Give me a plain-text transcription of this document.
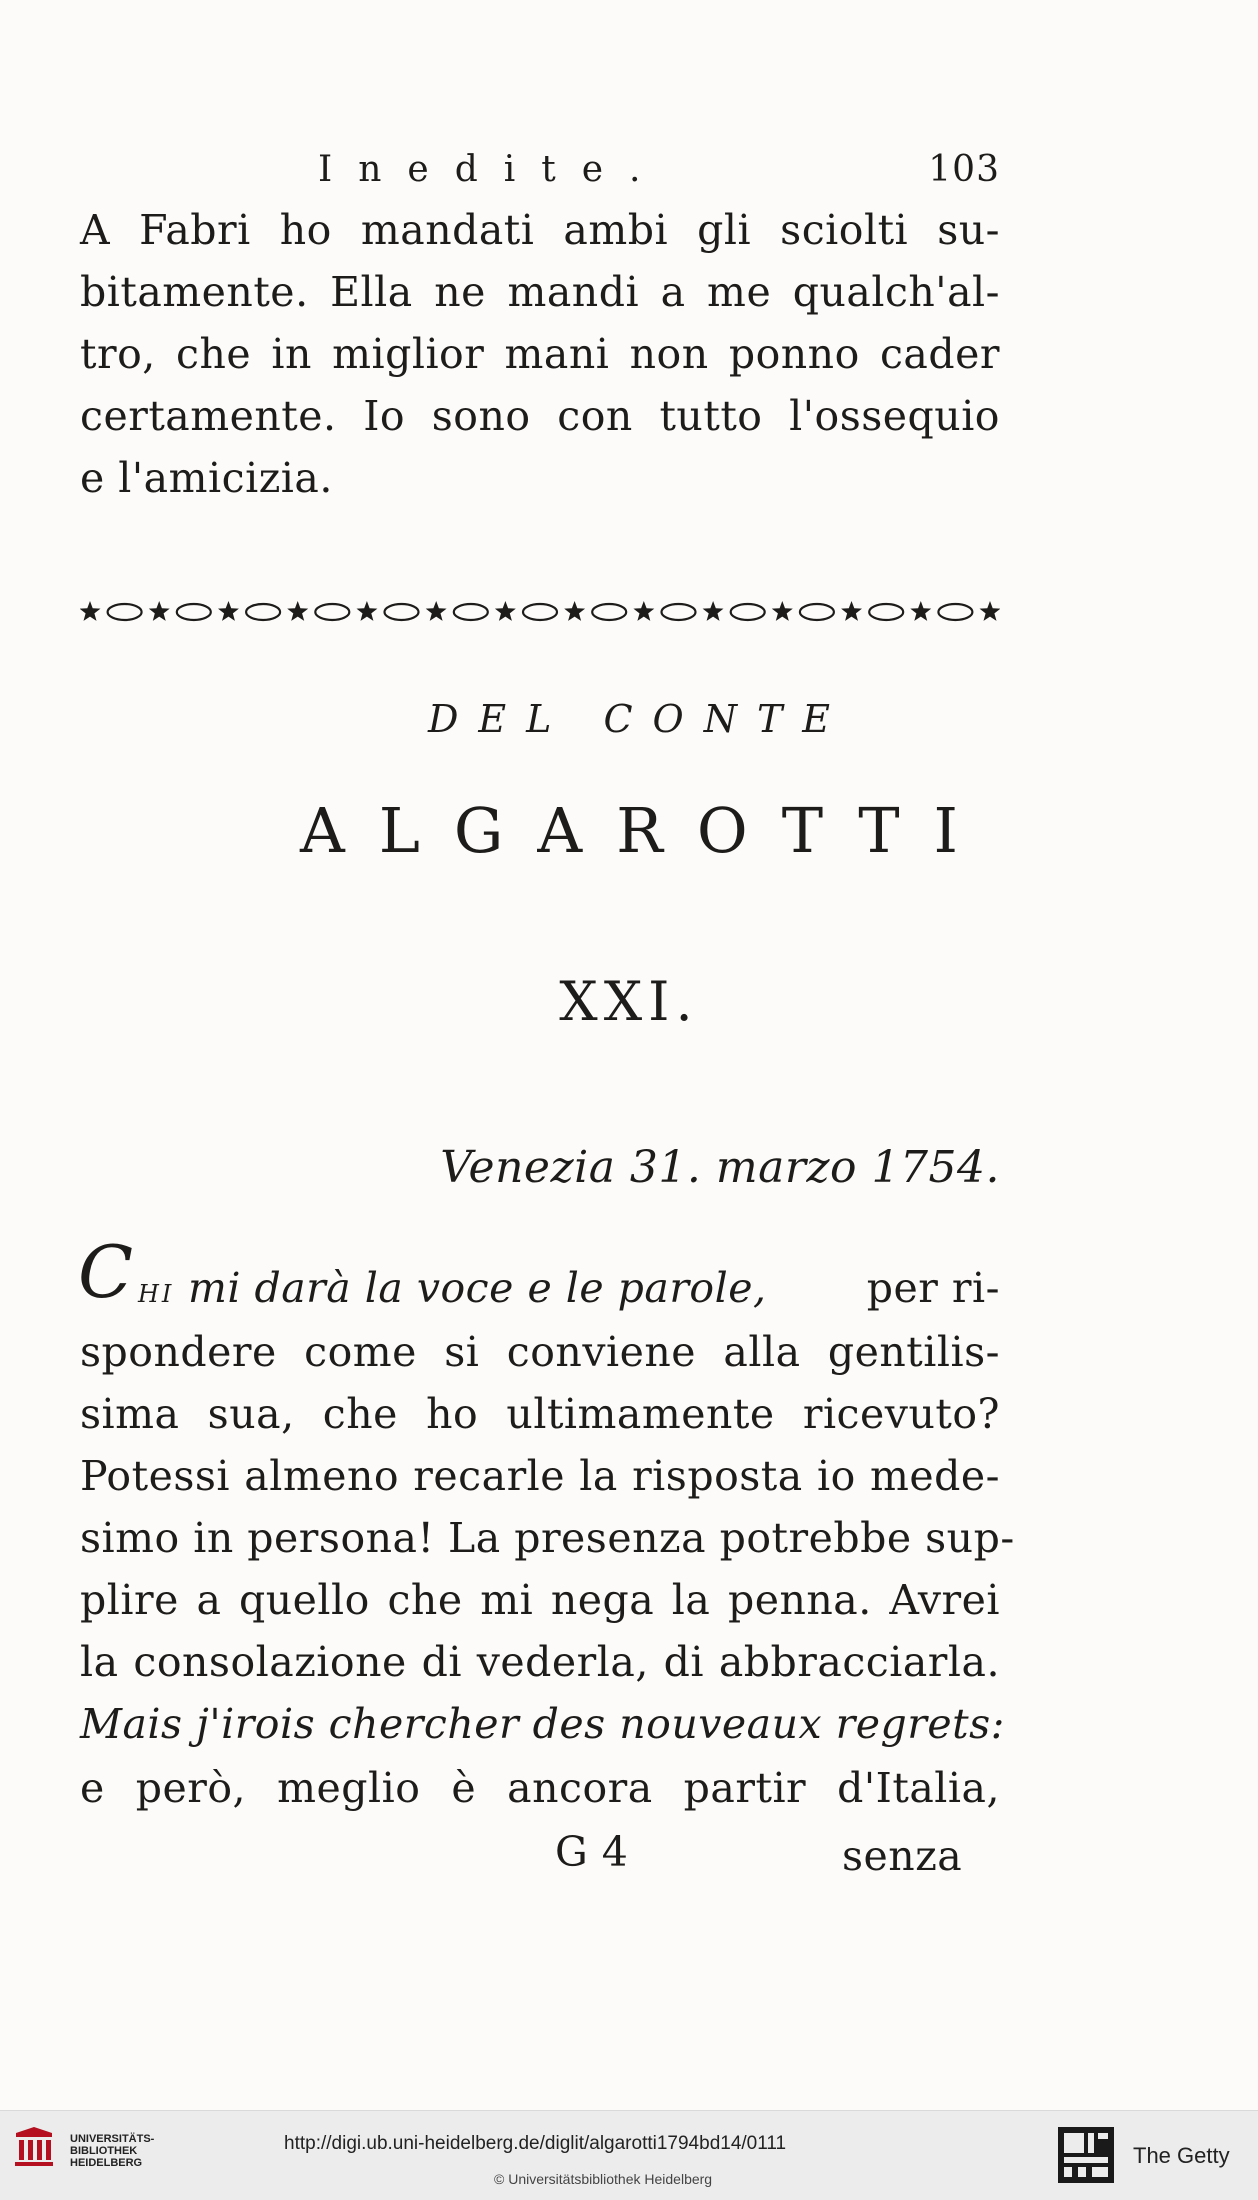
Inedite.	103
A Fabri ho mandati ambi gli sciolti su-
bitamente. Ella ne mandi a me qualch'al-
tro, che in miglior mani non ponno cader
certamente. Io sono con tutto l'ossequio
e l'amicizia.
DEL CONTE
ALGAROTTI
XXI.
Venezia 31. marzo 1754.
C HI mi darà la voce e le parole, per ri-
spondere come si conviene alla gentilis-
sima sua, che ho ultimamente ricevuto?
Potessi almeno recarle la risposta io mede-
simo in persona! La presenza potrebbe sup-
plire a quello che mi nega la penna. Avrei
la consolazione di vederla, di abbracciarla.
Mais j'irois chercher des nouveaux regrets:
e però, meglio è ancora partir d'Italia,
G 4	senza
UNIVERSITÄTS-
BIBLIOTHEK
HEIDELBERG
http://digi.ub.uni-heidelberg.de/diglit/algarotti1794bd14/0111
© Universitätsbibliothek Heidelberg
The Getty
